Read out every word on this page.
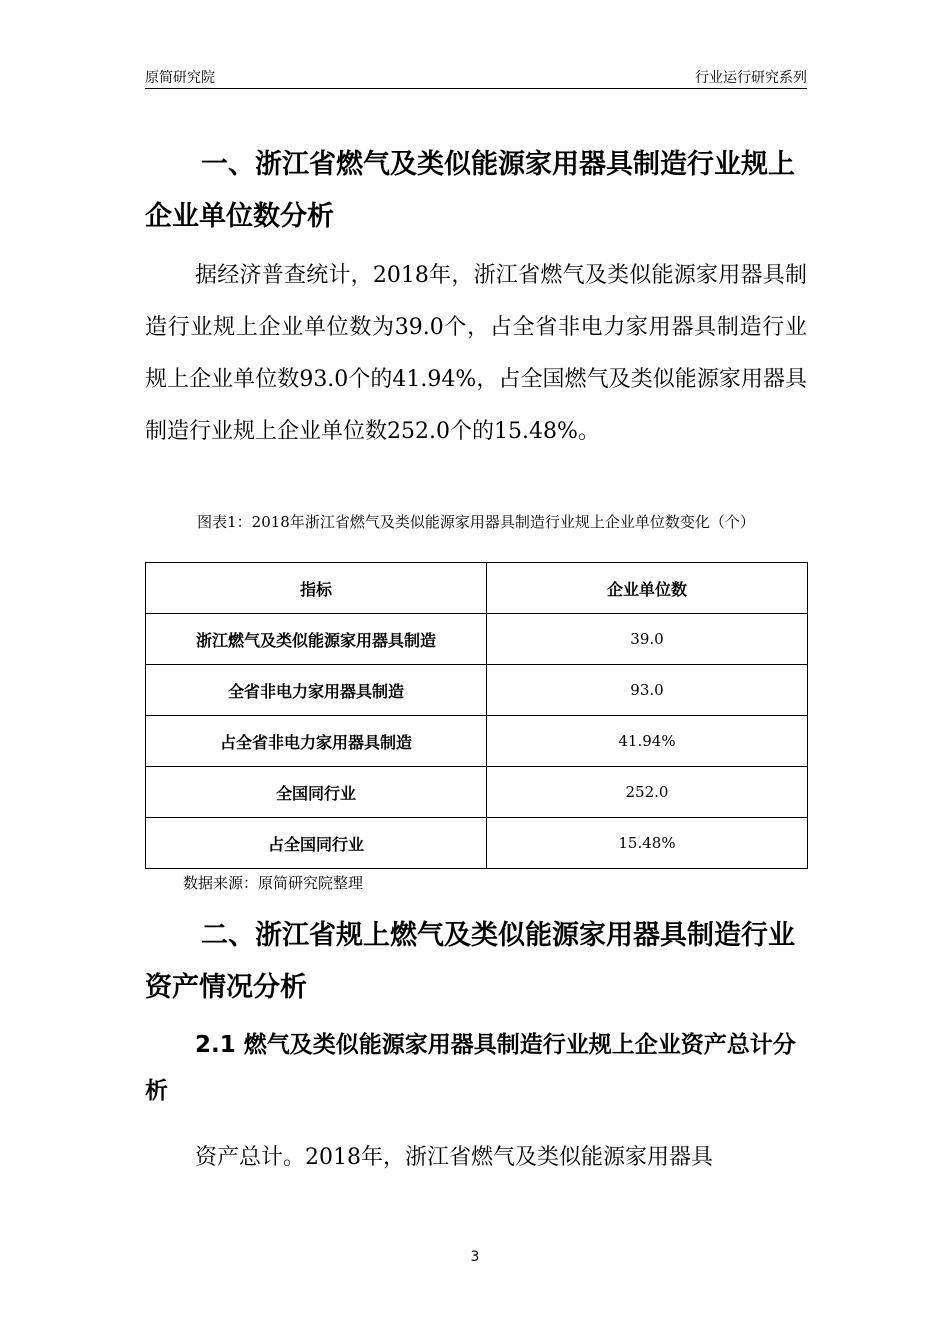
原简研究院	行业运行研究系列
一、浙江省燃气及类似能源家用器具制造行业规上企业单位数分析
据经济普查统计，2018年，浙江省燃气及类似能源家用器具制造行业规上企业单位数为39.0个，占全省非电力家用器具制造行业规上企业单位数93.0个的41.94%，占全国燃气及类似能源家用器具制造行业规上企业单位数252.0个的15.48%。
图表1：2018年浙江省燃气及类似能源家用器具制造行业规上企业单位数变化（个）
指标	企业单位数
浙江燃气及类似能源家用器具制造	39.0
全省非电力家用器具制造	93.0
占全省非电力家用器具制造	41.94%
全国同行业	252.0
占全国同行业	15.48%
数据来源：原简研究院整理
二、浙江省规上燃气及类似能源家用器具制造行业资产情况分析
2.1 燃气及类似能源家用器具制造行业规上企业资产总计分析
资产总计。2018年，浙江省燃气及类似能源家用器具
3
